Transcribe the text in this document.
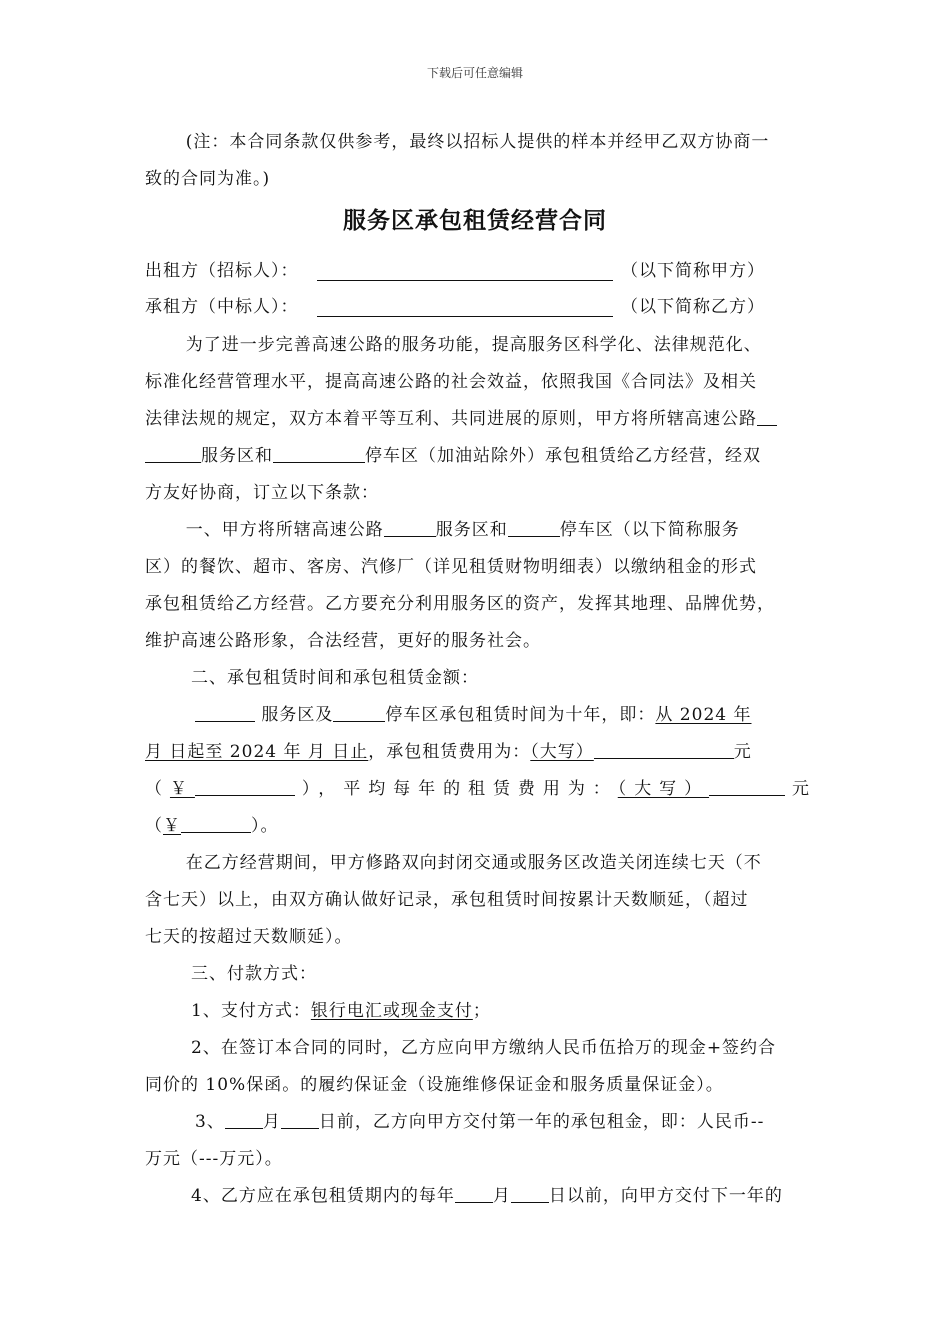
下载后可任意编辑

(注：本合同条款仅供参考，最终以招标人提供的样本并经甲乙双方协商一

致的合同为准。)

服务区承包租赁经营合同
出租方（招标人）：	（以下简称甲方）
承租方（中标人）：	（以下简称乙方）

为了进一步完善高速公路的服务功能，提高服务区科学化、法律规范化、

标准化经营管理水平，提高高速公路的社会效益，依照我国《合同法》及相关

法律法规的规定，双方本着平等互利、共同进展的原则，甲方将所辖高速公路

服务区和	停车区（加油站除外）承包租赁给乙方经营，经双

方友好协商，订立以下条款：

一、甲方将所辖高速公路	服务区和	停车区（以下简称服务

区）的餐饮、超市、客房、汽修厂（详见租赁财物明细表）以缴纳租金的形式

承包租赁给乙方经营。乙方要充分利用服务区的资产，发挥其地理、品牌优势，

维护高速公路形象，合法经营，更好的服务社会。

二、承包租赁时间和承包租赁金额：

服务区及	停车区承包租赁时间为十年，即：从 2024 年

月 日起至 2024 年 月 日止，承包租赁费用为：（大写）	元

（￥	），平均每年的租赁费用为：（大写）	元

（￥	）。

在乙方经营期间，甲方修路双向封闭交通或服务区改造关闭连续七天（不

含七天）以上，由双方确认做好记录，承包租赁时间按累计天数顺延，（超过

七天的按超过天数顺延）。

三、付款方式：

1、支付方式：银行电汇或现金支付；

2、在签订本合同的同时，乙方应向甲方缴纳人民币伍拾万的现金+签约合

同价的 10%保函。的履约保证金（设施维修保证金和服务质量保证金）。

3、 月 日前，乙方向甲方交付第一年的承包租金，即：人民币--

万元（---万元）。

4、乙方应在承包租赁期内的每年 月 日以前，向甲方交付下一年的
